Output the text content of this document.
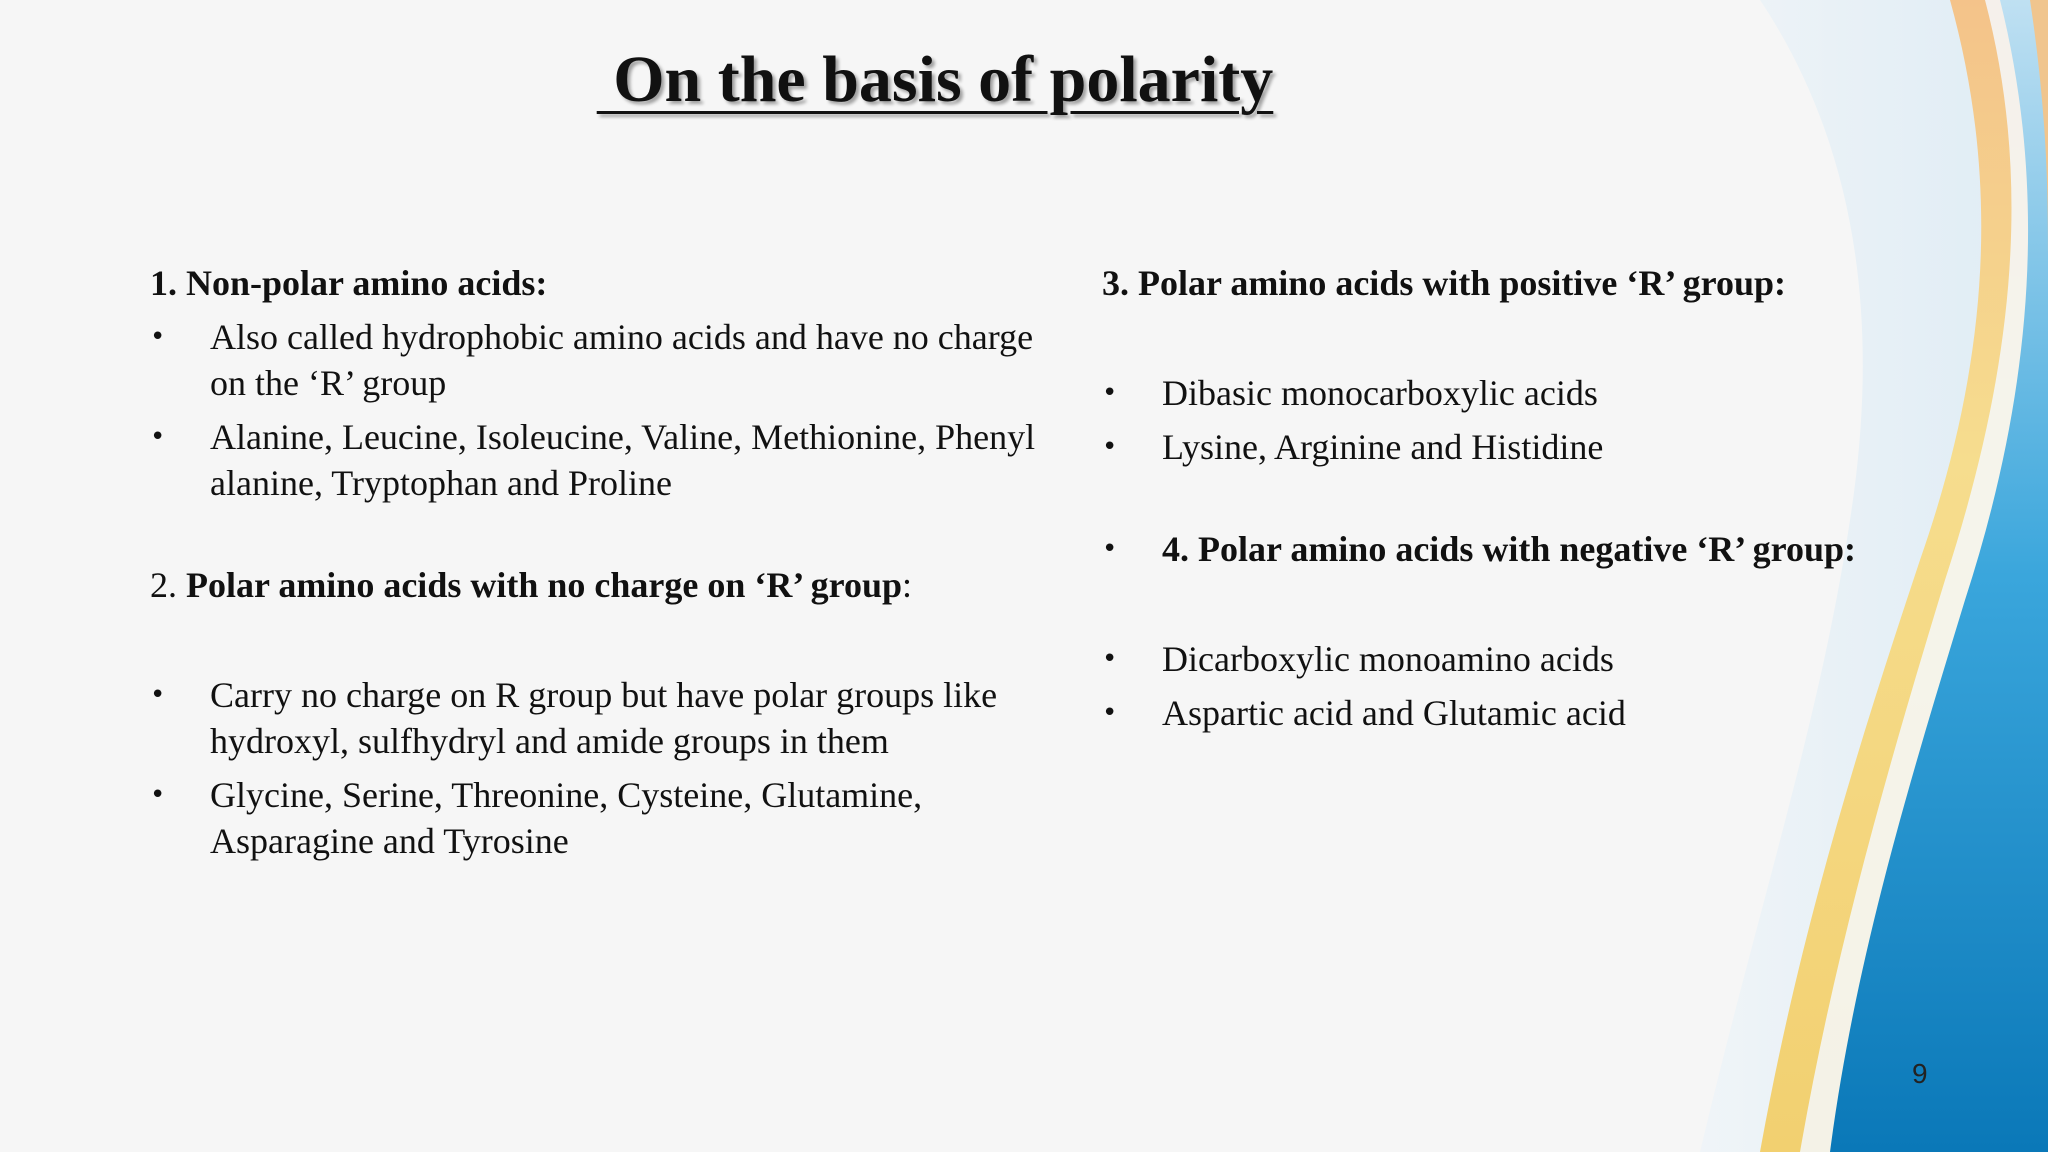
On the basis of polarity

1. Non-polar amino acids:

•	Also called hydrophobic amino acids and have no charge on the ‘R’ group

•	Alanine, Leucine, Isoleucine, Valine, Methionine, Phenyl alanine, Tryptophan and Proline

2. Polar amino acids with no charge on ‘R’ group:

•	Carry no charge on R group but have polar groups like hydroxyl, sulfhydryl and amide groups in them

•	Glycine, Serine, Threonine, Cysteine, Glutamine, Asparagine and Tyrosine

3. Polar amino acids with positive ‘R’ group:

•	Dibasic monocarboxylic acids

•	Lysine, Arginine and Histidine

•	4. Polar amino acids with negative ‘R’ group:

•	Dicarboxylic monoamino acids

•	Aspartic acid and Glutamic acid

9
